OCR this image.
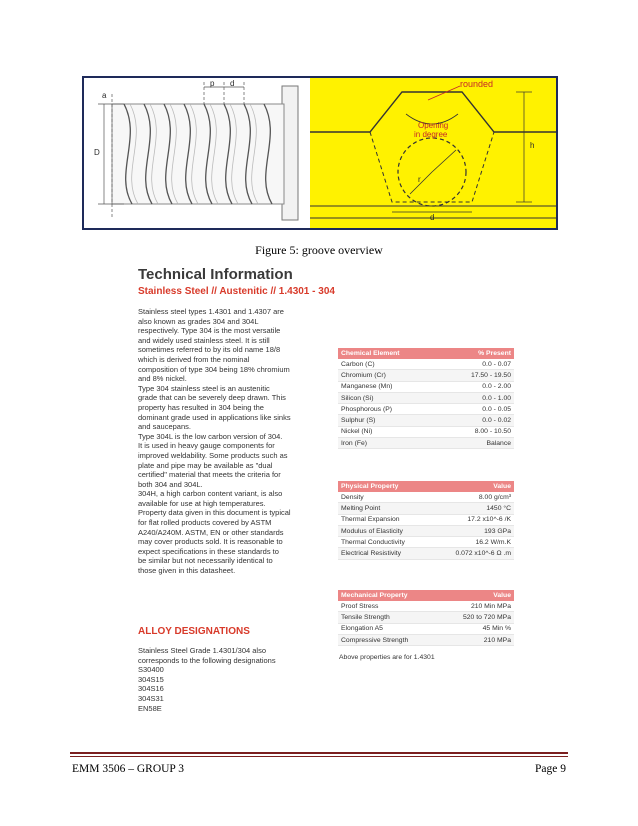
p d
D
a
rounded
Opening
in degree
h
r
d
Figure 5: groove overview
Technical Information
Stainless Steel // Austenitic // 1.4301 - 304
Stainless steel types 1.4301 and 1.4307 are
also known as grades 304 and 304L
respectively. Type 304 is the most versatile
and widely used stainless steel. It is still
sometimes referred to by its old name 18/8
which is derived from the nominal
composition of type 304 being 18% chromium
and 8% nickel.
Type 304 stainless steel is an austenitic
grade that can be severely deep drawn. This
property has resulted in 304 being the
dominant grade used in applications like sinks
and saucepans.
Type 304L is the low carbon version of 304.
It is used in heavy gauge components for
improved weldability. Some products such as
plate and pipe may be available as "dual
certified" material that meets the criteria for
both 304 and 304L.
304H, a high carbon content variant, is also
available for use at high temperatures.
Property data given in this document is typical
for flat rolled products covered by ASTM
A240/A240M. ASTM, EN or other standards
may cover products sold. It is reasonable to
expect specifications in these standards to
be similar but not necessarily identical to
those given in this datasheet.
ALLOY DESIGNATIONS
Stainless Steel Grade 1.4301/304 also
corresponds to the following designations
S30400
304S15
304S16
304S31
EN58E
Chemical Element	% Present
Carbon (C)	0.0 - 0.07
Chromium (Cr)	17.50 - 19.50
Manganese (Mn)	0.0 - 2.00
Silicon (Si)	0.0 - 1.00
Phosphorous (P)	0.0 - 0.05
Sulphur (S)	0.0 - 0.02
Nickel (Ni)	8.00 - 10.50
Iron (Fe)	Balance
Physical Property	Value
Density	8.00 g/cm³
Melting Point	1450 °C
Thermal Expansion	17.2 x10^-6 /K
Modulus of Elasticity	193 GPa
Thermal Conductivity	16.2 W/m.K
Electrical Resistivity	0.072 x10^-6 Ω .m
Mechanical Property	Value
Proof Stress	210 Min MPa
Tensile Strength	520 to 720 MPa
Elongation A5	45 Min %
Compressive Strength	210 MPa
Above properties are for 1.4301
EMM 3506 – GROUP 3	Page 9
